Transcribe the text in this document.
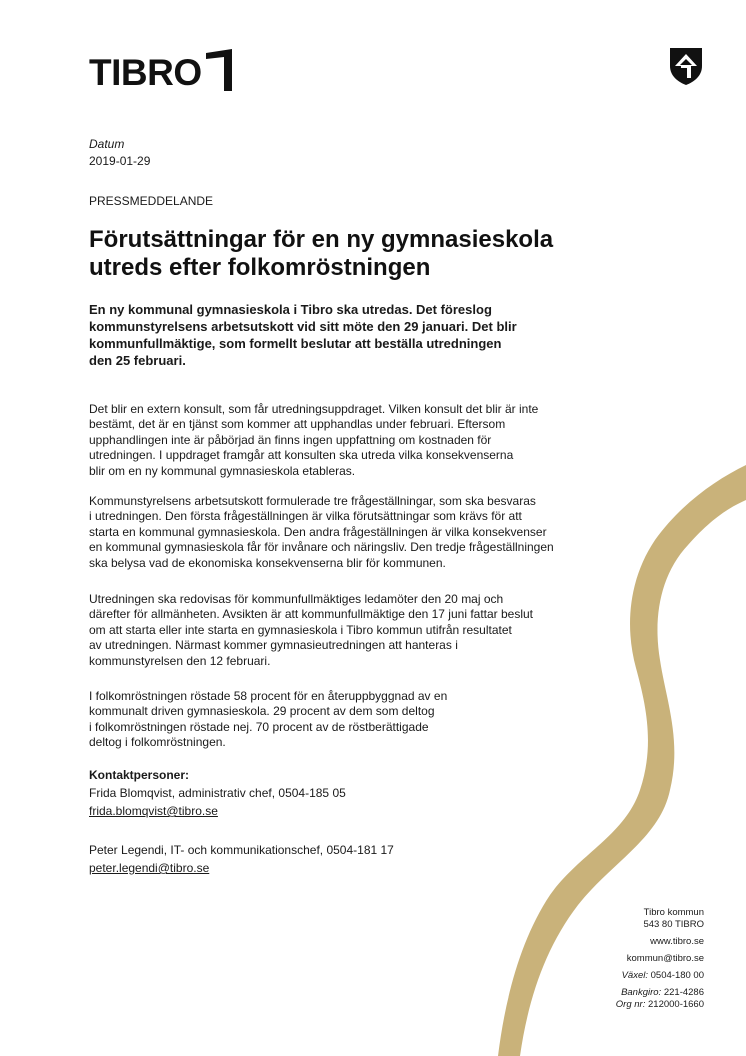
TIBRO
Datum
2019-01-29
PRESSMEDDELANDE
Förutsättningar för en ny gymnasieskola
utreds efter folkomröstningen
En ny kommunal gymnasieskola i Tibro ska utredas. Det föreslog
kommunstyrelsens arbetsutskott vid sitt möte den 29 januari. Det blir
kommunfullmäktige, som formellt beslutar att beställa utredningen
den 25 februari.
Det blir en extern konsult, som får utredningsuppdraget. Vilken konsult det blir är inte
bestämt, det är en tjänst som kommer att upphandlas under februari. Eftersom
upphandlingen inte är påbörjad än finns ingen uppfattning om kostnaden för
utredningen. I uppdraget framgår att konsulten ska utreda vilka konsekvenserna
blir om en ny kommunal gymnasieskola etableras.
Kommunstyrelsens arbetsutskott formulerade tre frågeställningar, som ska besvaras
i utredningen. Den första frågeställningen är vilka förutsättningar som krävs för att
starta en kommunal gymnasieskola. Den andra frågeställningen är vilka konsekvenser
en kommunal gymnasieskola får för invånare och näringsliv. Den tredje frågeställningen
ska belysa vad de ekonomiska konsekvenserna blir för kommunen.
Utredningen ska redovisas för kommunfullmäktiges ledamöter den 20 maj och
därefter för allmänheten. Avsikten är att kommunfullmäktige den 17 juni fattar beslut
om att starta eller inte starta en gymnasieskola i Tibro kommun utifrån resultatet
av utredningen. Närmast kommer gymnasieutredningen att hanteras i
kommunstyrelsen den 12 februari.
I folkomröstningen röstade 58 procent för en återuppbyggnad av en
kommunalt driven gymnasieskola. 29 procent av dem som deltog
i folkomröstningen röstade nej. 70 procent av de röstberättigade
deltog i folkomröstningen.
Kontaktpersoner:
Frida Blomqvist, administrativ chef, 0504-185 05
frida.blomqvist@tibro.se
Peter Legendi, IT- och kommunikationschef, 0504-181 17
peter.legendi@tibro.se
Tibro kommun
543 80 TIBRO
www.tibro.se
kommun@tibro.se
Växel: 0504-180 00
Bankgiro: 221-4286
Org nr: 212000-1660
